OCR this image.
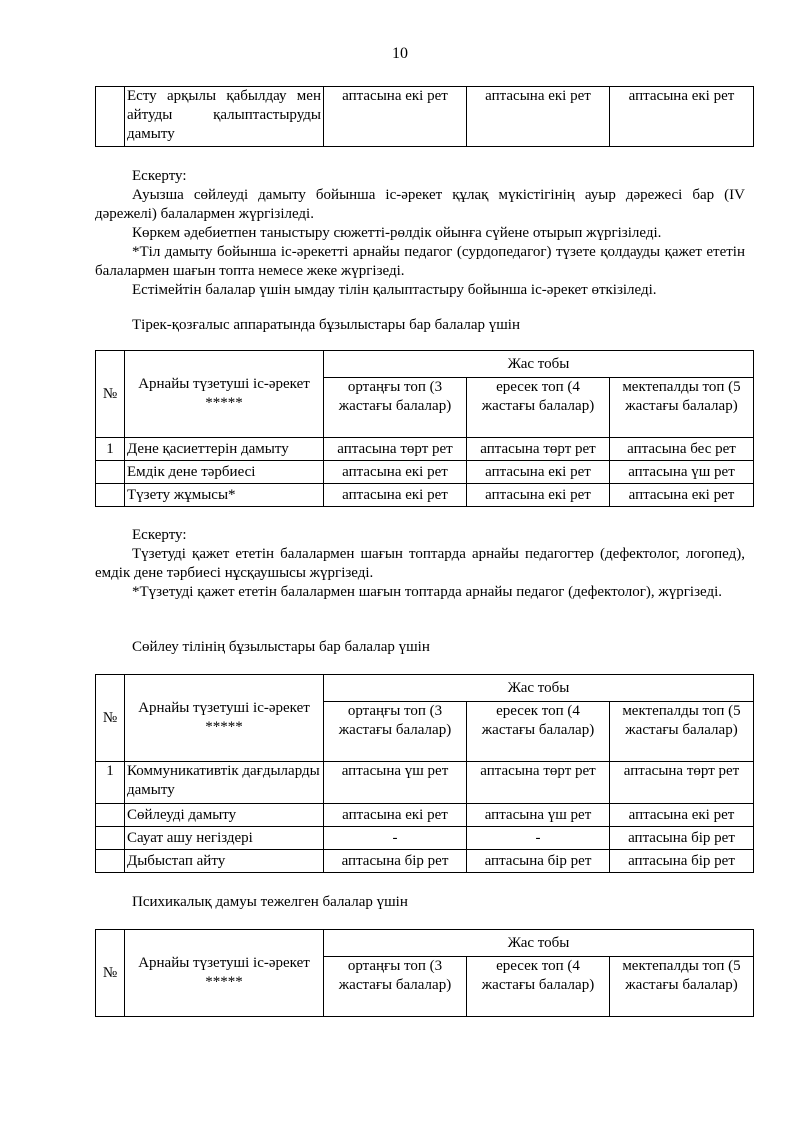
10
	Есту арқылы қабылдау мен айтуды қалыптастыруды дамыту	аптасына екі рет	аптасына екі рет	аптасына екі рет

Ескерту:

Ауызша сөйлеуді дамыту бойынша іс-әрекет құлақ мүкістігінің ауыр дәрежесі бар (IV дәрежелі) балалармен жүргізіледі.

Көркем әдебиетпен таныстыру сюжетті-рөлдік ойынға сүйене отырып жүргізіледі.

*Тіл дамыту бойынша іс-әрекетті арнайы педагог (сурдопедагог) түзете қолдауды қажет ететін балалармен шағын топта немесе жеке жүргізеді.

Естімейтін балалар үшін ымдау тілін қалыптастыру бойынша іс-әрекет өткізіледі.

Тірек-қозғалыс аппаратында бұзылыстары бар балалар үшін
№	Арнайы түзетуші іс-әрекет *****	Жас тобы		
		ортаңғы топ (3 жастағы балалар)	ересек топ (4 жастағы балалар)	мектепалды топ (5 жастағы балалар)
1	Дене қасиеттерін дамыту	аптасына төрт рет	аптасына төрт рет	аптасына бес рет
	Емдік дене тәрбиесі	аптасына екі рет	аптасына екі рет	аптасына үш рет
	Түзету жұмысы*	аптасына екі рет	аптасына екі рет	аптасына екі рет

Ескерту:

Түзетуді қажет ететін балалармен шағын топтарда арнайы педагогтер (дефектолог, логопед), емдік дене тәрбиесі нұсқаушысы жүргізеді.

*Түзетуді қажет ететін балалармен шағын топтарда арнайы педагог (дефектолог), жүргізеді.

Сөйлеу тілінің бұзылыстары бар балалар үшін
№	Арнайы түзетуші іс-әрекет *****	Жас тобы		
		ортаңғы топ (3 жастағы балалар)	ересек топ (4 жастағы балалар)	мектепалды топ (5 жастағы балалар)
1	Коммуникативтік дағдыларды дамыту	аптасына үш рет	аптасына төрт рет	аптасына төрт рет
	Сөйлеуді дамыту	аптасына екі рет	аптасына үш рет	аптасына екі рет
	Сауат ашу негіздері	-	-	аптасына бір рет
	Дыбыстап айту	аптасына бір рет	аптасына бір рет	аптасына бір рет
Психикалық дамуы тежелген балалар үшін
№	Арнайы түзетуші іс-әрекет *****	Жас тобы		
		ортаңғы топ (3 жастағы балалар)	ересек топ (4 жастағы балалар)	мектепалды топ (5 жастағы балалар)
